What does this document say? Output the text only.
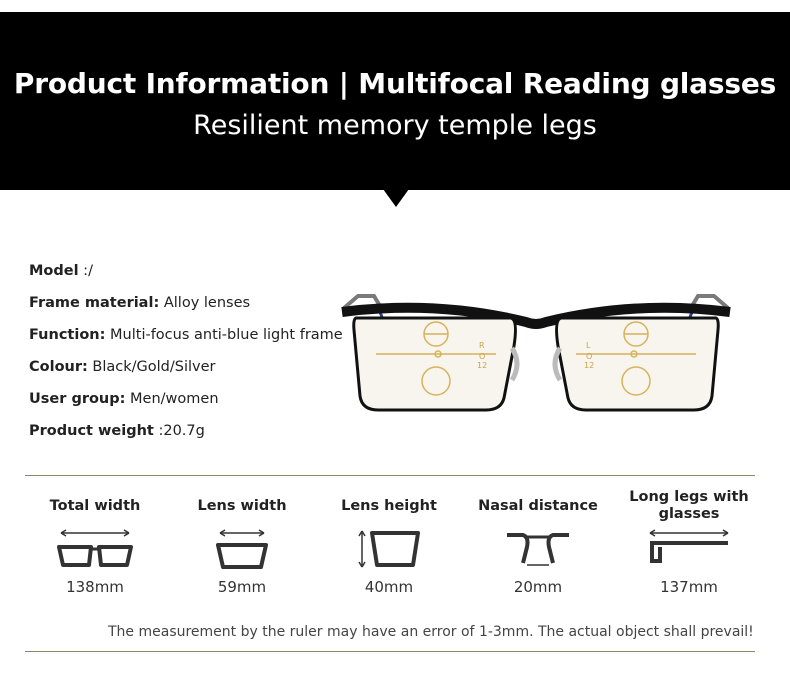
Product Information | Multifocal Reading glasses
Resilient memory temple legs
Model :/
Frame material: Alloy lenses
Function: Multi-focus anti-blue light frame
Colour: Black/Gold/Silver
User group: Men/women
Product weight :20.7g
R
O
12
L
O
12
Total width
138mm
Lens width
59mm
Lens height
40mm
Nasal distance
20mm
Long legs with glasses
137mm
The measurement by the ruler may have an error of 1-3mm. The actual object shall prevail!
